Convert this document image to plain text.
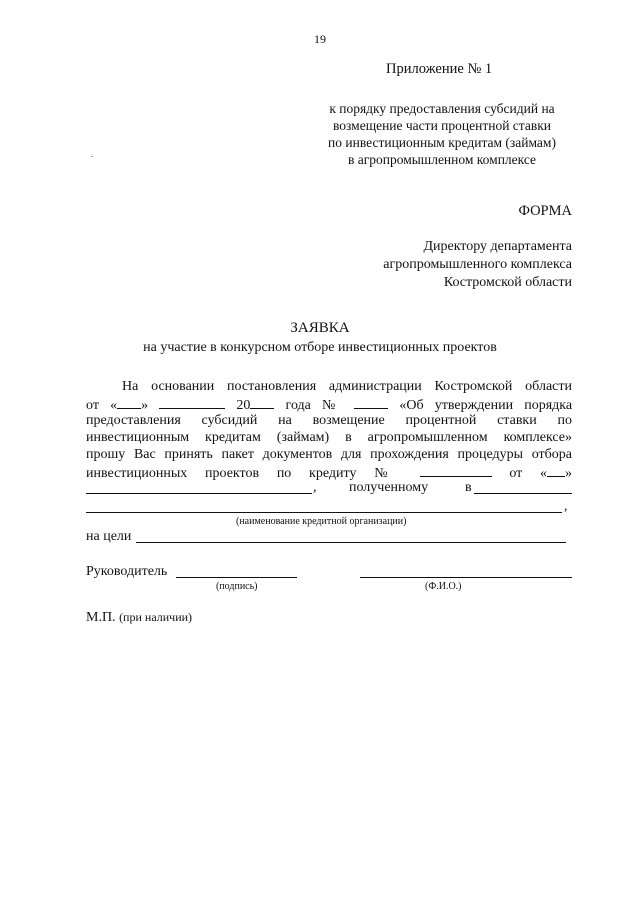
19
Приложение № 1
к порядку предоставления субсидий на
возмещение части процентной ставки
по инвестиционным кредитам (займам)
в агропромышленном комплексе
ФОРМА
Директору департамента
агропромышленного комплекса
Костромской области
ЗАЯВКА
на участие в конкурсном отборе инвестиционных проектов
На основании постановления администрации Костромской области
от « »	20	года №	«Об утверждении порядка
предоставления субсидий на возмещение процентной ставки по
инвестиционным кредитам (займам) в агропромышленном комплексе»
прошу Вас принять пакет документов для прохождения процедуры отбора
инвестиционных проектов по кредиту №	от « »
, полученному	в
,
(наименование кредитной организации)
на цели
Руководитель
(подпись)	(Ф.И.О.)
М.П. (при наличии)
